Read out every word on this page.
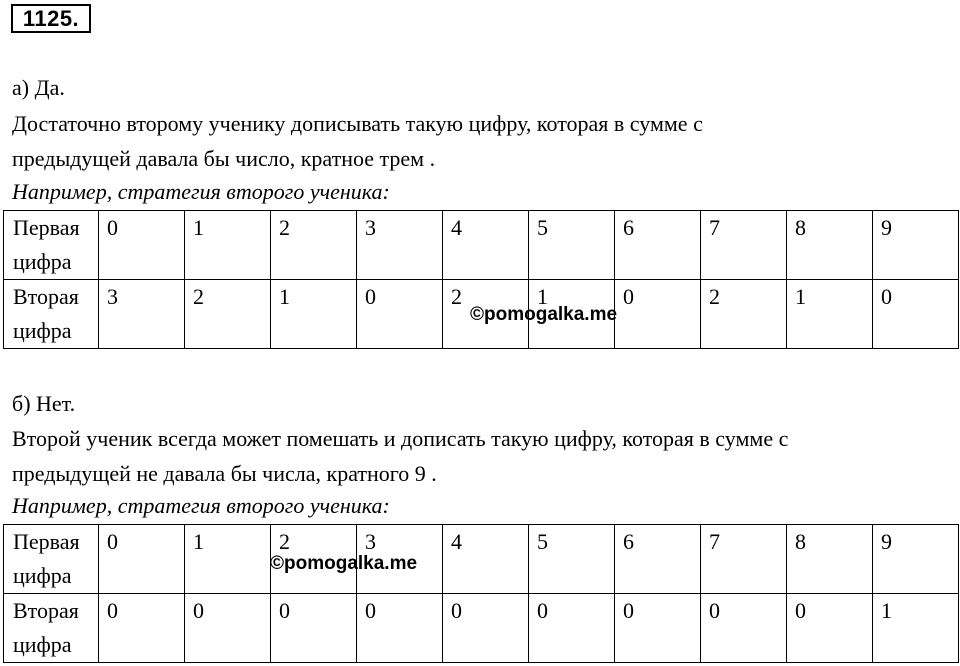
1125.
а) Да.
Достаточно второму ученику дописывать такую цифру, которая в сумме с
предыдущей давала бы число, кратное трем .
Например, стратегия второго ученика:
Первая
цифра	0	1	2	3	4	5	6	7	8	9

Вторая
цифра	3	2	1	0	2	1	0	2	1	0
©pomogalka.me
б) Нет.
Второй ученик всегда может помешать и дописать такую цифру, которая в сумме с
предыдущей не давала бы числа, кратного 9 .
Например, стратегия второго ученика:
Первая
цифра	0	1	2	3	4	5	6	7	8	9

Вторая
цифра	0	0	0	0	0	0	0	0	0	1
©pomogalka.me
